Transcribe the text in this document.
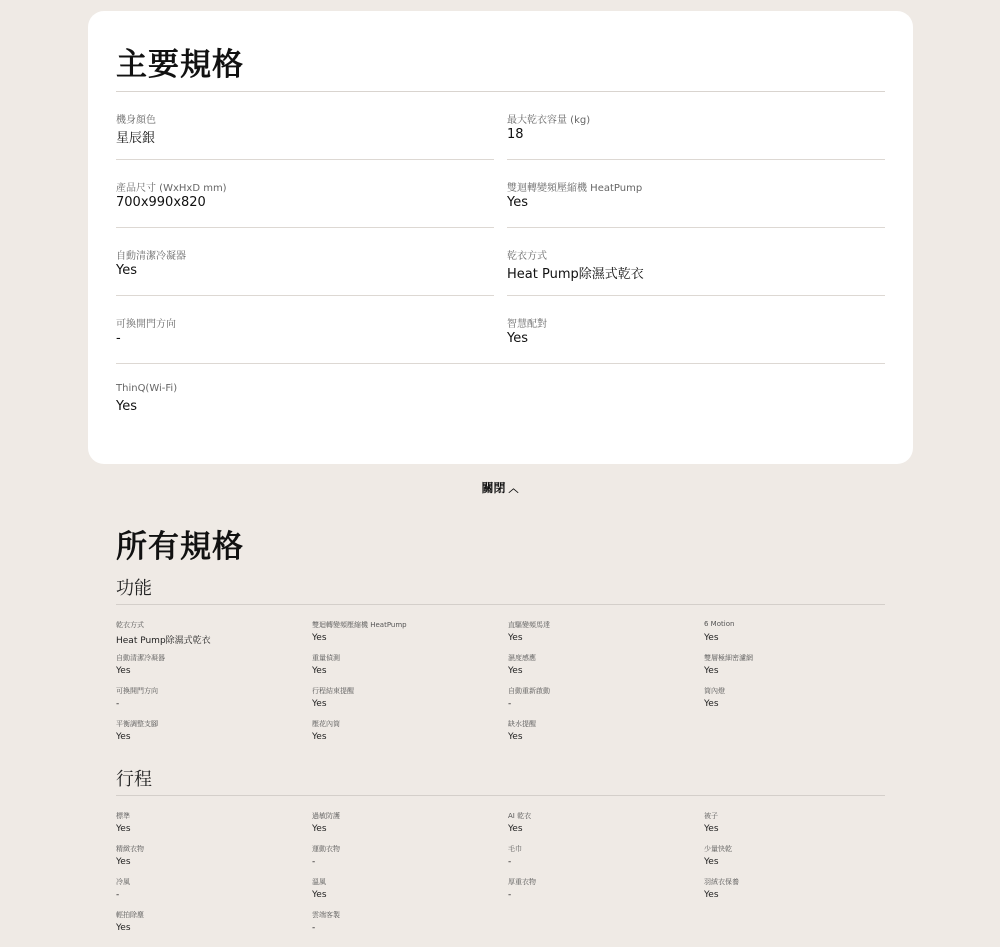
主要規格
機身顏色
星辰銀
最大乾衣容量 (kg)
18
產品尺寸 (WxHxD mm)
700x990x820
雙迴轉變頻壓縮機 HeatPump
Yes
自動清潔冷凝器
Yes
乾衣方式
Heat Pump除濕式乾衣
可換開門方向
-
智慧配對
Yes
ThinQ(Wi-Fi)
Yes
關閉 ︿
所有規格
功能
乾衣方式
Heat Pump除濕式乾衣
雙迴轉變頻壓縮機 HeatPump
Yes
直驅變頻馬達
Yes
6 Motion
Yes
自動清潔冷凝器
Yes
重量偵測
Yes
濕度感應
Yes
雙層極細密濾網
Yes
可換開門方向
-
行程結束提醒
Yes
自動重新啟動
-
筒內燈
Yes
平衡調整支腳
Yes
壓花內筒
Yes
缺水提醒
Yes
行程
標準
Yes
過敏防護
Yes
AI 乾衣
Yes
被子
Yes
精緻衣物
Yes
運動衣物
-
毛巾
-
少量快乾
Yes
冷風
-
溫風
Yes
厚重衣物
-
羽絨衣保養
Yes
輕拍除塵
Yes
雲端客製
-
